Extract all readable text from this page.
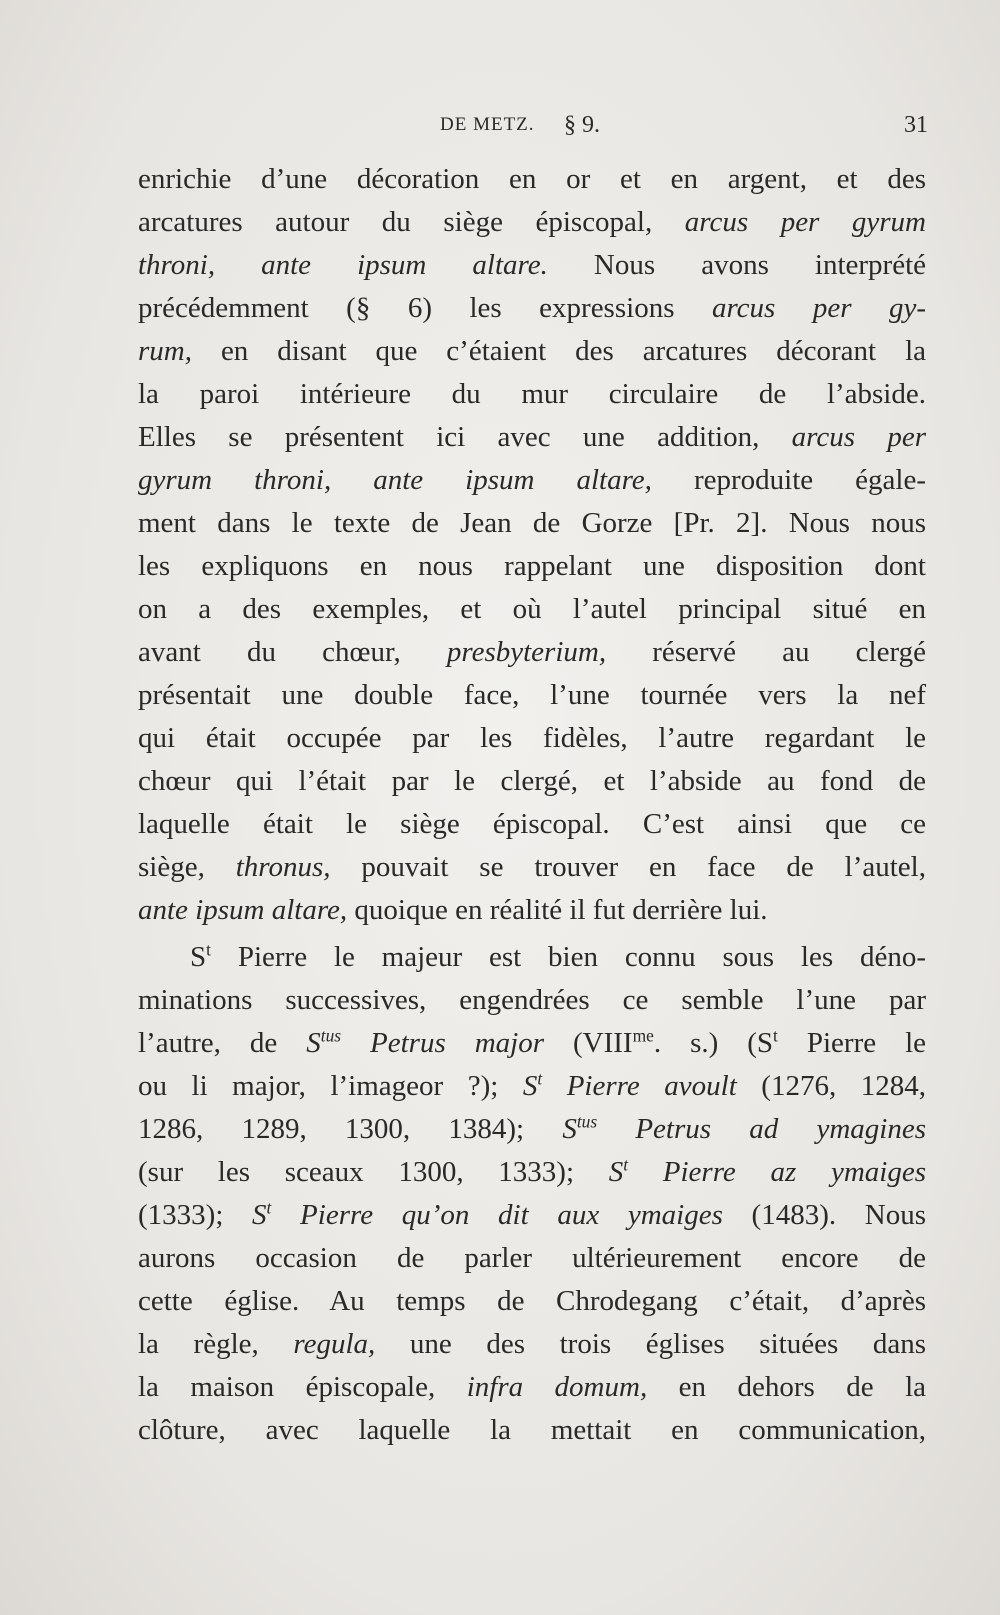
DE METZ. § 9.	31
enrichie d’une décoration en or et en argent, et des
arcatures autour du siège épiscopal, arcus per gyrum
throni, ante ipsum altare. Nous avons interprété
précédemment (§ 6) les expressions arcus per gy-
rum, en disant que c’étaient des arcatures décorant la
la paroi intérieure du mur circulaire de l’abside.
Elles se présentent ici avec une addition, arcus per
gyrum throni, ante ipsum altare, reproduite égale-
ment dans le texte de Jean de Gorze [Pr. 2]. Nous nous
les expliquons en nous rappelant une disposition dont
on a des exemples, et où l’autel principal situé en
avant du chœur, presbyterium, réservé au clergé
présentait une double face, l’une tournée vers la nef
qui était occupée par les fidèles, l’autre regardant le
chœur qui l’était par le clergé, et l’abside au fond de
laquelle était le siège épiscopal. C’est ainsi que ce
siège, thronus, pouvait se trouver en face de l’autel,
ante ipsum altare, quoique en réalité il fut derrière lui.
$S^t$ Pierre le majeur est bien connu sous les déno-
minations successives, engendrées ce semble l’une par
l’autre, de $S^{tus}$ Petrus major ($VIII^{me}$. s.) ($S^t$ Pierre le
ou li major, l’imageor ?); $S^t$ Pierre avoult (1276, 1284,
1286, 1289, 1300, 1384); $S^{tus}$ Petrus ad ymagines
(sur les sceaux 1300, 1333); $S^t$ Pierre az ymaiges
(1333); $S^t$ Pierre qu’on dit aux ymaiges (1483). Nous
aurons occasion de parler ultérieurement encore de
cette église. Au temps de Chrodegang c’était, d’après
la règle, regula, une des trois églises situées dans
la maison épiscopale, infra domum, en dehors de la
clôture, avec laquelle la mettait en communication,
